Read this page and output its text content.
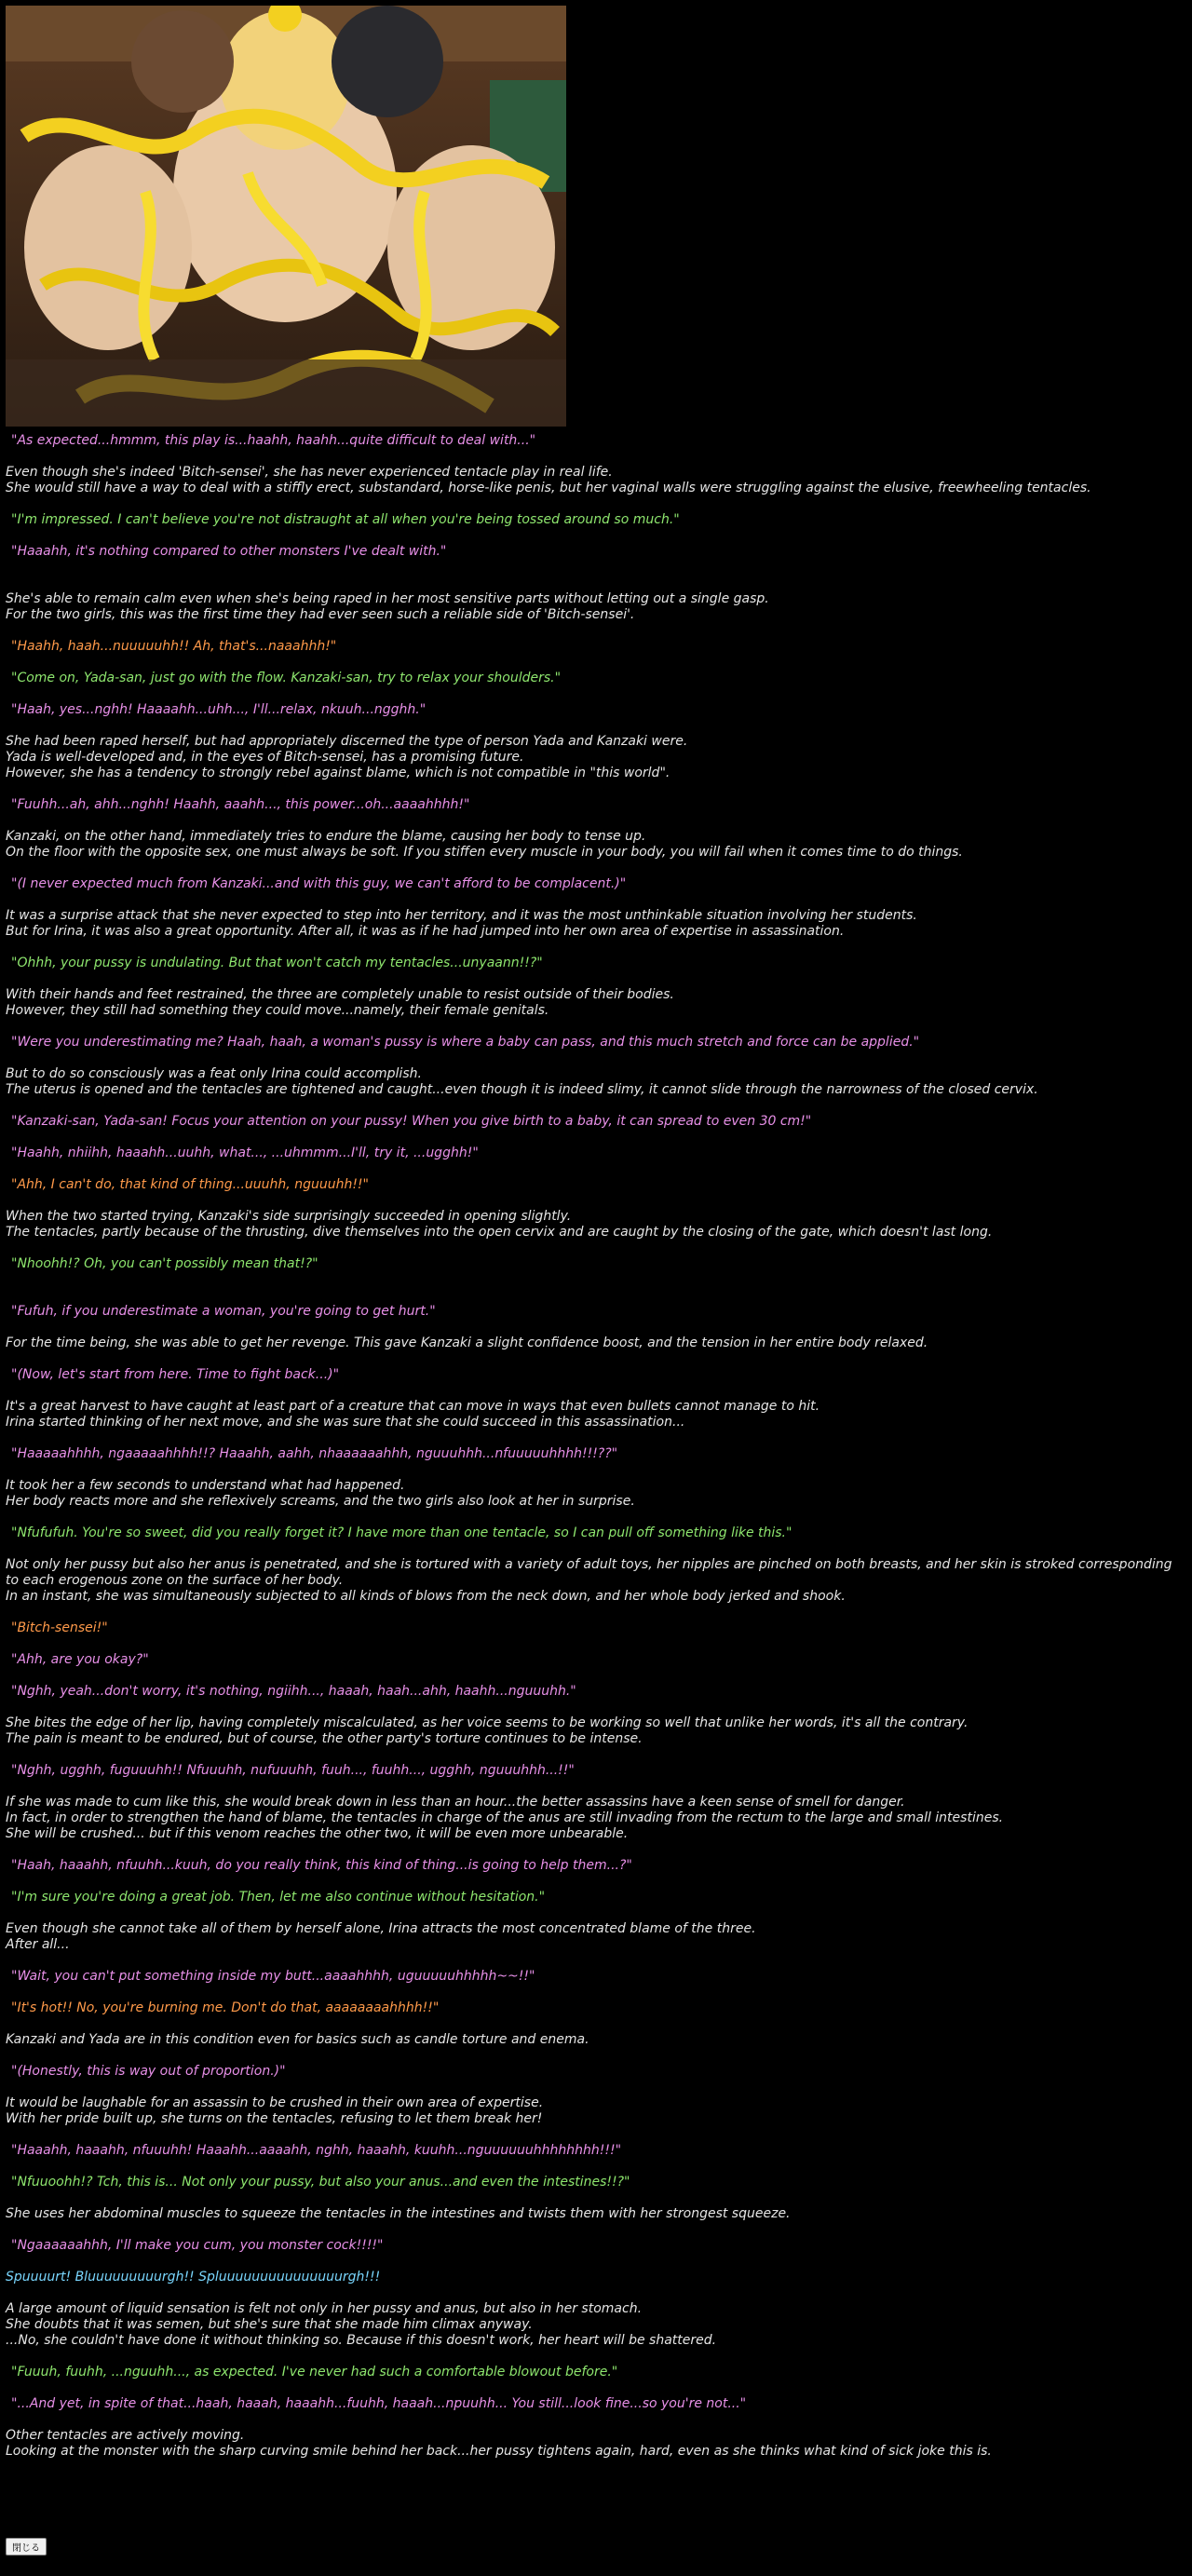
"As expected...hmmm, this play is...haahh, haahh...quite difficult to deal with..."
Even though she's indeed 'Bitch-sensei', she has never experienced tentacle play in real life.
She would still have a way to deal with a stiffly erect, substandard, horse-like penis, but her vaginal walls were struggling against the elusive, freewheeling tentacles.
"I'm impressed. I can't believe you're not distraught at all when you're being tossed around so much."
"Haaahh, it's nothing compared to other monsters I've dealt with."
She's able to remain calm even when she's being raped in her most sensitive parts without letting out a single gasp.
For the two girls, this was the first time they had ever seen such a reliable side of 'Bitch-sensei'.
"Haahh, haah...nuuuuuhh!! Ah, that's...naaahhh!"
"Come on, Yada-san, just go with the flow. Kanzaki-san, try to relax your shoulders."
"Haah, yes...nghh! Haaaahh...uhh..., I'll...relax, nkuuh...ngghh."
She had been raped herself, but had appropriately discerned the type of person Yada and Kanzaki were.
Yada is well-developed and, in the eyes of Bitch-sensei, has a promising future.
However, she has a tendency to strongly rebel against blame, which is not compatible in "this world".
"Fuuhh...ah, ahh...nghh! Haahh, aaahh..., this power...oh...aaaahhhh!"
Kanzaki, on the other hand, immediately tries to endure the blame, causing her body to tense up.
On the floor with the opposite sex, one must always be soft. If you stiffen every muscle in your body, you will fail when it comes time to do things.
"(I never expected much from Kanzaki...and with this guy, we can't afford to be complacent.)"
It was a surprise attack that she never expected to step into her territory, and it was the most unthinkable situation involving her students.
But for Irina, it was also a great opportunity. After all, it was as if he had jumped into her own area of expertise in assassination.
"Ohhh, your pussy is undulating. But that won't catch my tentacles...unyaann!!?"
With their hands and feet restrained, the three are completely unable to resist outside of their bodies.
However, they still had something they could move...namely, their female genitals.
"Were you underestimating me? Haah, haah, a woman's pussy is where a baby can pass, and this much stretch and force can be applied."
But to do so consciously was a feat only Irina could accomplish.
The uterus is opened and the tentacles are tightened and caught...even though it is indeed slimy, it cannot slide through the narrowness of the closed cervix.
"Kanzaki-san, Yada-san! Focus your attention on your pussy! When you give birth to a baby, it can spread to even 30 cm!"
"Haahh, nhiihh, haaahh...uuhh, what..., ...uhmmm...I'll, try it, ...ugghh!"
"Ahh, I can't do, that kind of thing...uuuhh, nguuuhh!!"
When the two started trying, Kanzaki's side surprisingly succeeded in opening slightly.
The tentacles, partly because of the thrusting, dive themselves into the open cervix and are caught by the closing of the gate, which doesn't last long.
"Nhoohh!? Oh, you can't possibly mean that!?"
"Fufuh, if you underestimate a woman, you're going to get hurt."
For the time being, she was able to get her revenge. This gave Kanzaki a slight confidence boost, and the tension in her entire body relaxed.
"(Now, let's start from here. Time to fight back...)"
It's a great harvest to have caught at least part of a creature that can move in ways that even bullets cannot manage to hit.
Irina started thinking of her next move, and she was sure that she could succeed in this assassination...
"Haaaaahhhh, ngaaaaahhhh!!? Haaahh, aahh, nhaaaaaahhh, nguuuhhh...nfuuuuuhhhh!!!??"
It took her a few seconds to understand what had happened.
Her body reacts more and she reflexively screams, and the two girls also look at her in surprise.
"Nfufufuh. You're so sweet, did you really forget it? I have more than one tentacle, so I can pull off something like this."
Not only her pussy but also her anus is penetrated, and she is tortured with a variety of adult toys, her nipples are pinched on both breasts, and her skin is stroked corresponding to each erogenous zone on the surface of her body.
In an instant, she was simultaneously subjected to all kinds of blows from the neck down, and her whole body jerked and shook.
"Bitch-sensei!"
"Ahh, are you okay?"
"Nghh, yeah...don't worry, it's nothing, ngiihh..., haaah, haah...ahh, haahh...nguuuhh."
She bites the edge of her lip, having completely miscalculated, as her voice seems to be working so well that unlike her words, it's all the contrary.
The pain is meant to be endured, but of course, the other party's torture continues to be intense.
"Nghh, ugghh, fuguuuhh!! Nfuuuhh, nufuuuhh, fuuh..., fuuhh..., ugghh, nguuuhhh...!!"
If she was made to cum like this, she would break down in less than an hour...the better assassins have a keen sense of smell for danger.
In fact, in order to strengthen the hand of blame, the tentacles in charge of the anus are still invading from the rectum to the large and small intestines.
She will be crushed... but if this venom reaches the other two, it will be even more unbearable.
"Haah, haaahh, nfuuhh...kuuh, do you really think, this kind of thing...is going to help them...?"
"I'm sure you're doing a great job. Then, let me also continue without hesitation."
Even though she cannot take all of them by herself alone, Irina attracts the most concentrated blame of the three.
After all...
"Wait, you can't put something inside my butt...aaaahhhh, uguuuuuhhhhh~~!!"
"It's hot!! No, you're burning me. Don't do that, aaaaaaaahhhh!!"
Kanzaki and Yada are in this condition even for basics such as candle torture and enema.
"(Honestly, this is way out of proportion.)"
It would be laughable for an assassin to be crushed in their own area of expertise.
With her pride built up, she turns on the tentacles, refusing to let them break her!
"Haaahh, haaahh, nfuuuhh! Haaahh...aaaahh, nghh, haaahh, kuuhh...nguuuuuuhhhhhhhh!!!"
"Nfuuoohh!? Tch, this is... Not only your pussy, but also your anus...and even the intestines!!?"
She uses her abdominal muscles to squeeze the tentacles in the intestines and twists them with her strongest squeeze.
"Ngaaaaaahhh, I'll make you cum, you monster cock!!!!"
Spuuuurt! Bluuuuuuuuurgh!! Spluuuuuuuuuuuuuuurgh!!!
A large amount of liquid sensation is felt not only in her pussy and anus, but also in her stomach.
She doubts that it was semen, but she's sure that she made him climax anyway.
...No, she couldn't have done it without thinking so. Because if this doesn't work, her heart will be shattered.
"Fuuuh, fuuhh, ...nguuhh..., as expected. I've never had such a comfortable blowout before."
"...And yet, in spite of that...haah, haaah, haaahh...fuuhh, haaah...npuuhh... You still...look fine...so you're not..."
Other tentacles are actively moving.
Looking at the monster with the sharp curving smile behind her back...her pussy tightens again, hard, even as she thinks what kind of sick joke this is.
閉じる
